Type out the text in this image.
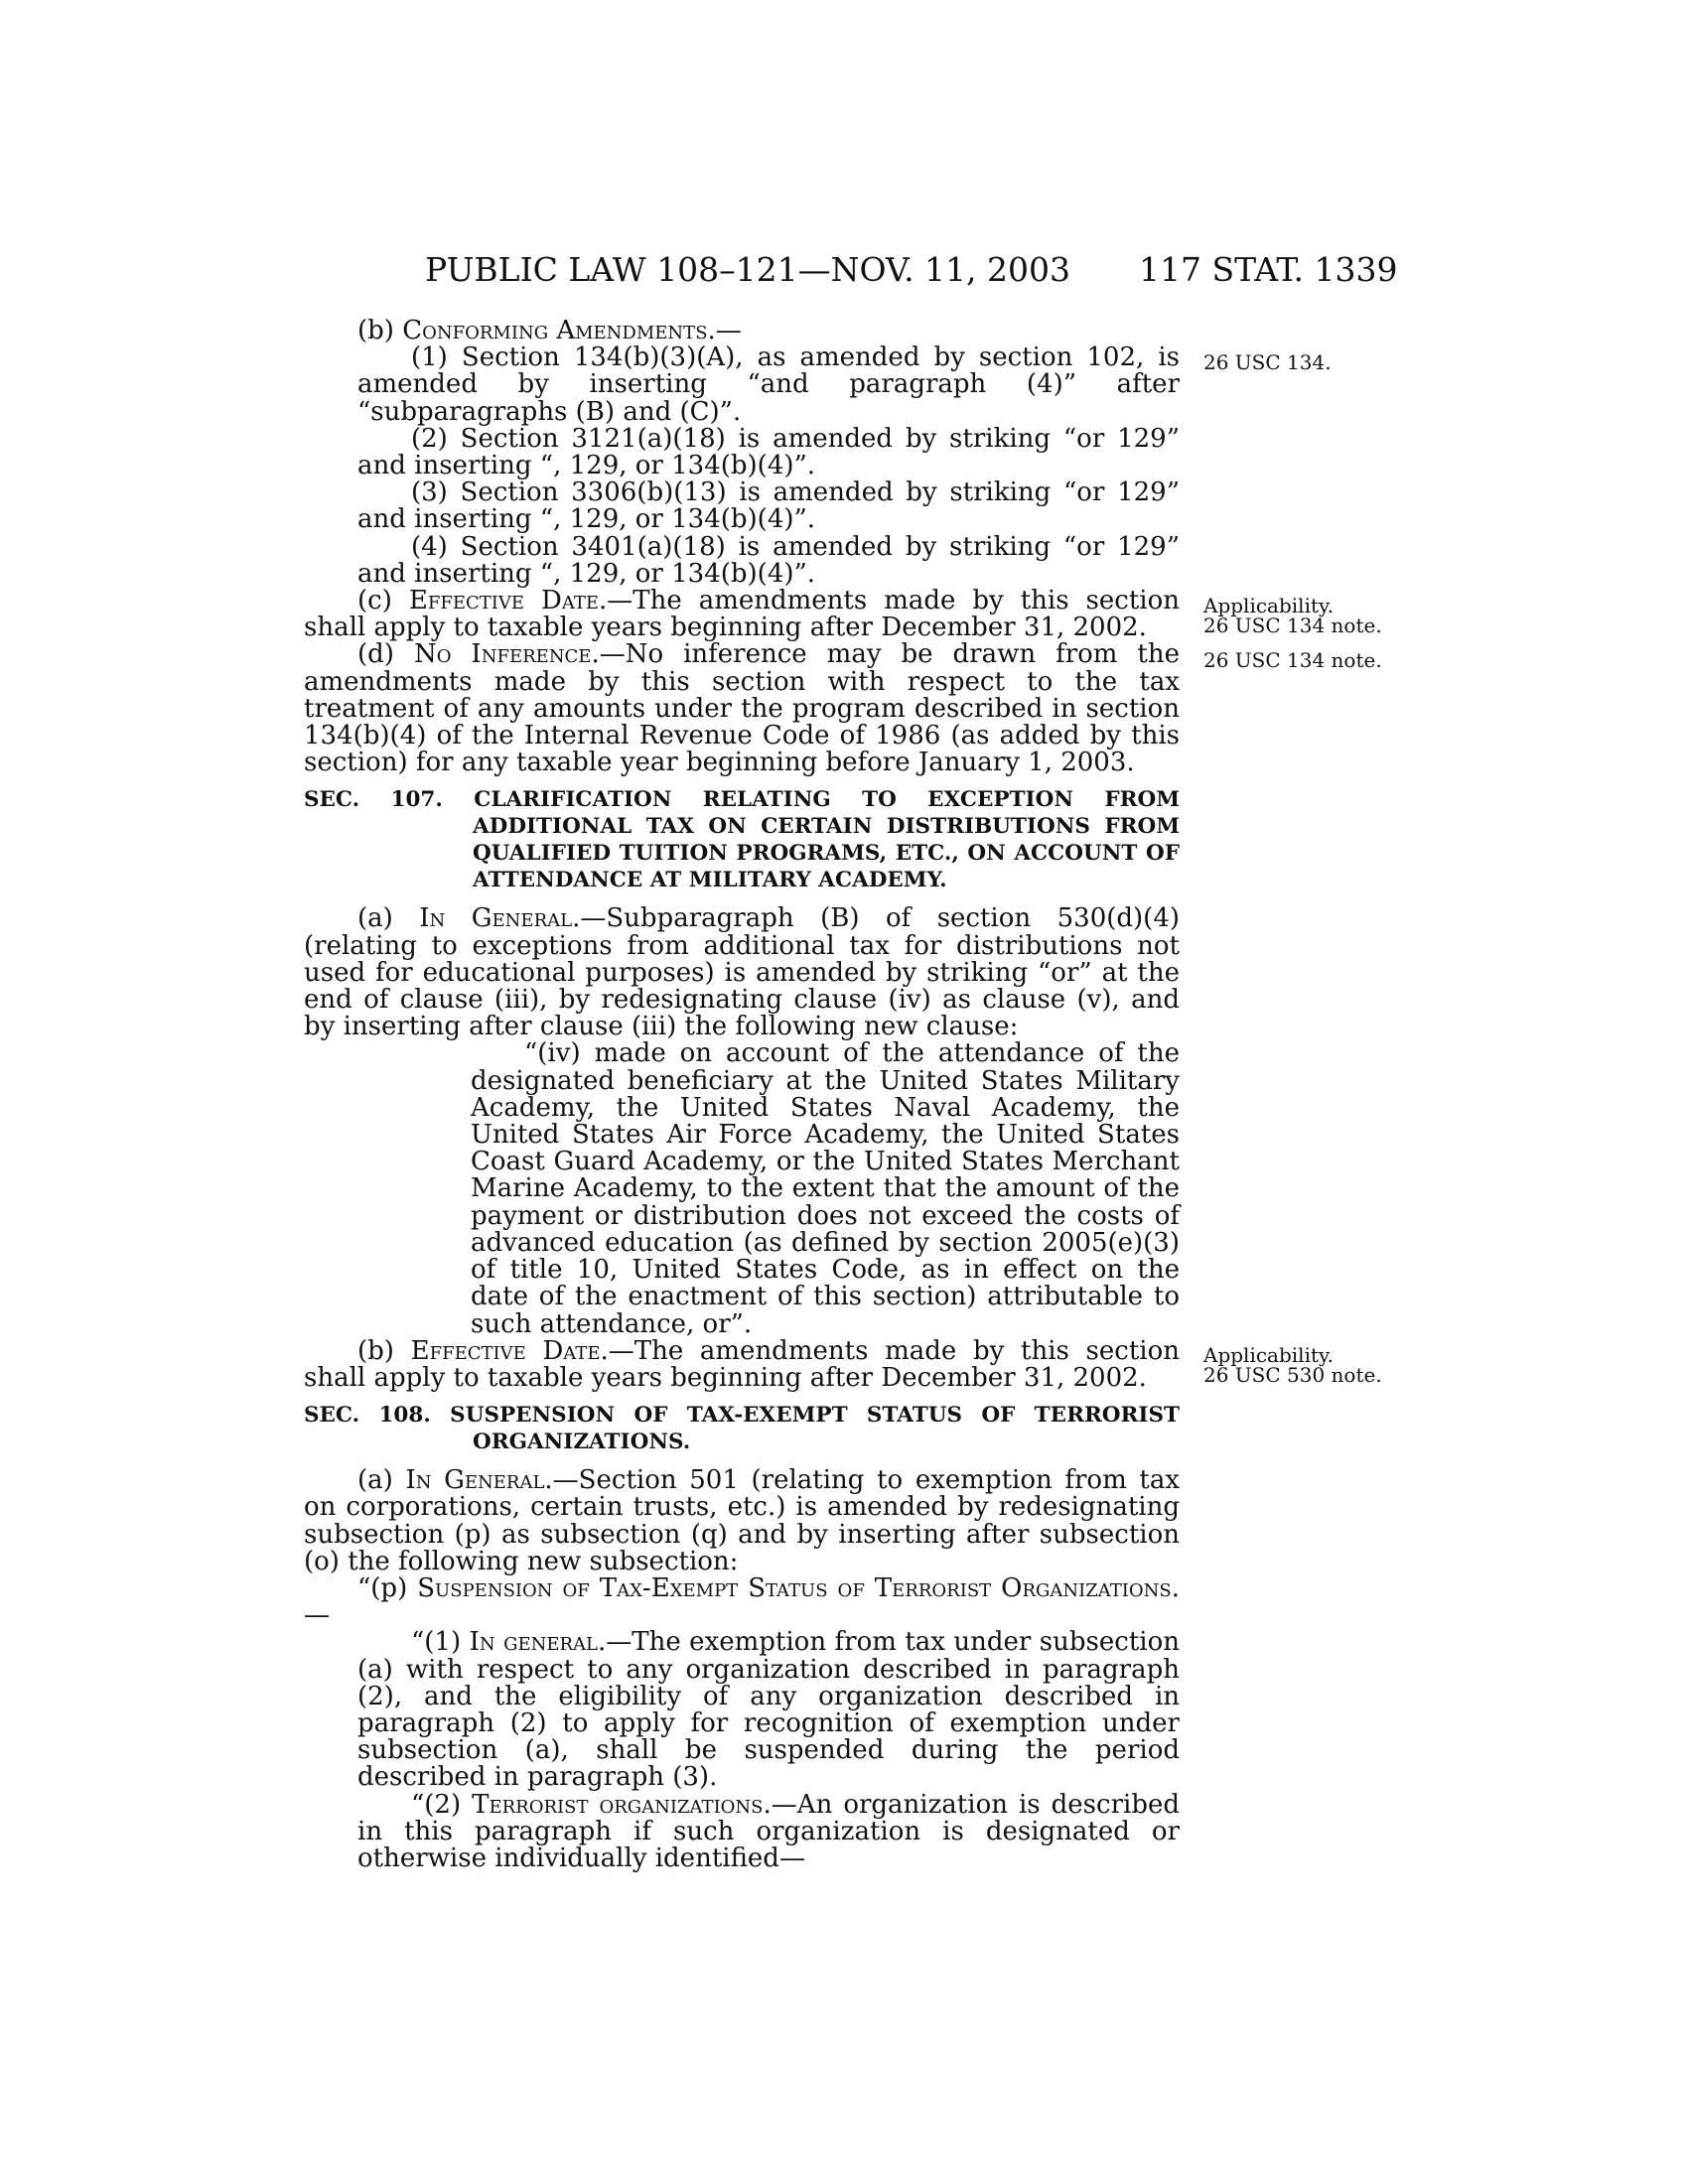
PUBLIC LAW 108–121—NOV. 11, 2003 117 STAT. 1339

(b) Conforming Amendments.—

(1) Section 134(b)(3)(A), as amended by section 102, is amended by inserting “and paragraph (4)” after “subparagraphs (B) and (C)”.

(2) Section 3121(a)(18) is amended by striking “or 129” and inserting “, 129, or 134(b)(4)”.

(3) Section 3306(b)(13) is amended by striking “or 129” and inserting “, 129, or 134(b)(4)”.

(4) Section 3401(a)(18) is amended by striking “or 129” and inserting “, 129, or 134(b)(4)”.

(c) Effective Date.—The amendments made by this section shall apply to taxable years beginning after December 31, 2002.

(d) No Inference.—No inference may be drawn from the amendments made by this section with respect to the tax treatment of any amounts under the program described in section 134(b)(4) of the Internal Revenue Code of 1986 (as added by this section) for any taxable year beginning before January 1, 2003.

SEC. 107. CLARIFICATION RELATING TO EXCEPTION FROM ADDITIONAL TAX ON CERTAIN DISTRIBUTIONS FROM QUALIFIED TUITION PROGRAMS, ETC., ON ACCOUNT OF ATTENDANCE AT MILITARY ACADEMY.

(a) In General.—Subparagraph (B) of section 530(d)(4) (relating to exceptions from additional tax for distributions not used for educational purposes) is amended by striking “or” at the end of clause (iii), by redesignating clause (iv) as clause (v), and by inserting after clause (iii) the following new clause:

“(iv) made on account of the attendance of the designated beneficiary at the United States Military Academy, the United States Naval Academy, the United States Air Force Academy, the United States Coast Guard Academy, or the United States Merchant Marine Academy, to the extent that the amount of the payment or distribution does not exceed the costs of advanced education (as defined by section 2005(e)(3) of title 10, United States Code, as in effect on the date of the enactment of this section) attributable to such attendance, or”.

(b) Effective Date.—The amendments made by this section shall apply to taxable years beginning after December 31, 2002.

SEC. 108. SUSPENSION OF TAX-EXEMPT STATUS OF TERRORIST ORGANIZATIONS.

(a) In General.—Section 501 (relating to exemption from tax on corporations, certain trusts, etc.) is amended by redesignating subsection (p) as subsection (q) and by inserting after subsection (o) the following new subsection:

“(p) Suspension of Tax-Exempt Status of Terrorist Organizations.—

“(1) In general.—The exemption from tax under subsection (a) with respect to any organization described in paragraph (2), and the eligibility of any organization described in paragraph (2) to apply for recognition of exemption under subsection (a), shall be suspended during the period described in paragraph (3).

“(2) Terrorist organizations.—An organization is described in this paragraph if such organization is designated or otherwise individually identified—

26 USC 134.
Applicability.
26 USC 134 note.
26 USC 134 note.
Applicability.
26 USC 530 note.
